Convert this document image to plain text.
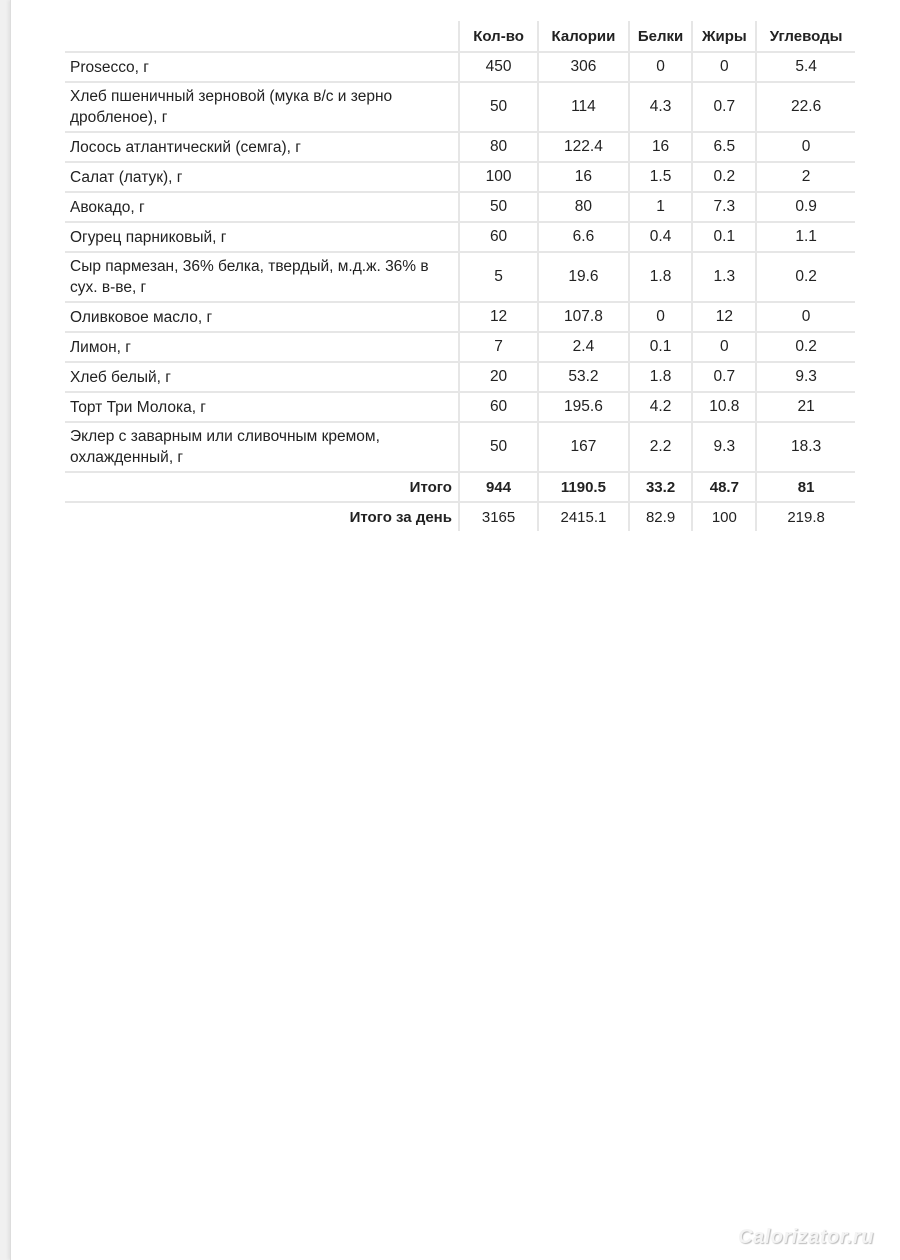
	Кол-во	Калории	Белки	Жиры	Углеводы
Prosecco, г	450	306	0	0	5.4
Хлеб пшеничный зерновой (мука в/с и зерно дробленое), г	50	114	4.3	0.7	22.6
Лосось атлантический (семга), г	80	122.4	16	6.5	0
Салат (латук), г	100	16	1.5	0.2	2
Авокадо, г	50	80	1	7.3	0.9
Огурец парниковый, г	60	6.6	0.4	0.1	1.1
Сыр пармезан, 36% белка, твердый, м.д.ж. 36% в сух. в-ве, г	5	19.6	1.8	1.3	0.2
Оливковое масло, г	12	107.8	0	12	0
Лимон, г	7	2.4	0.1	0	0.2
Хлеб белый, г	20	53.2	1.8	0.7	9.3
Торт Три Молока, г	60	195.6	4.2	10.8	21
Эклер с заварным или сливочным кремом, охлажденный, г	50	167	2.2	9.3	18.3
Итого	944	1190.5	33.2	48.7	81
Итого за день	3165	2415.1	82.9	100	219.8
Calorizator.ru
